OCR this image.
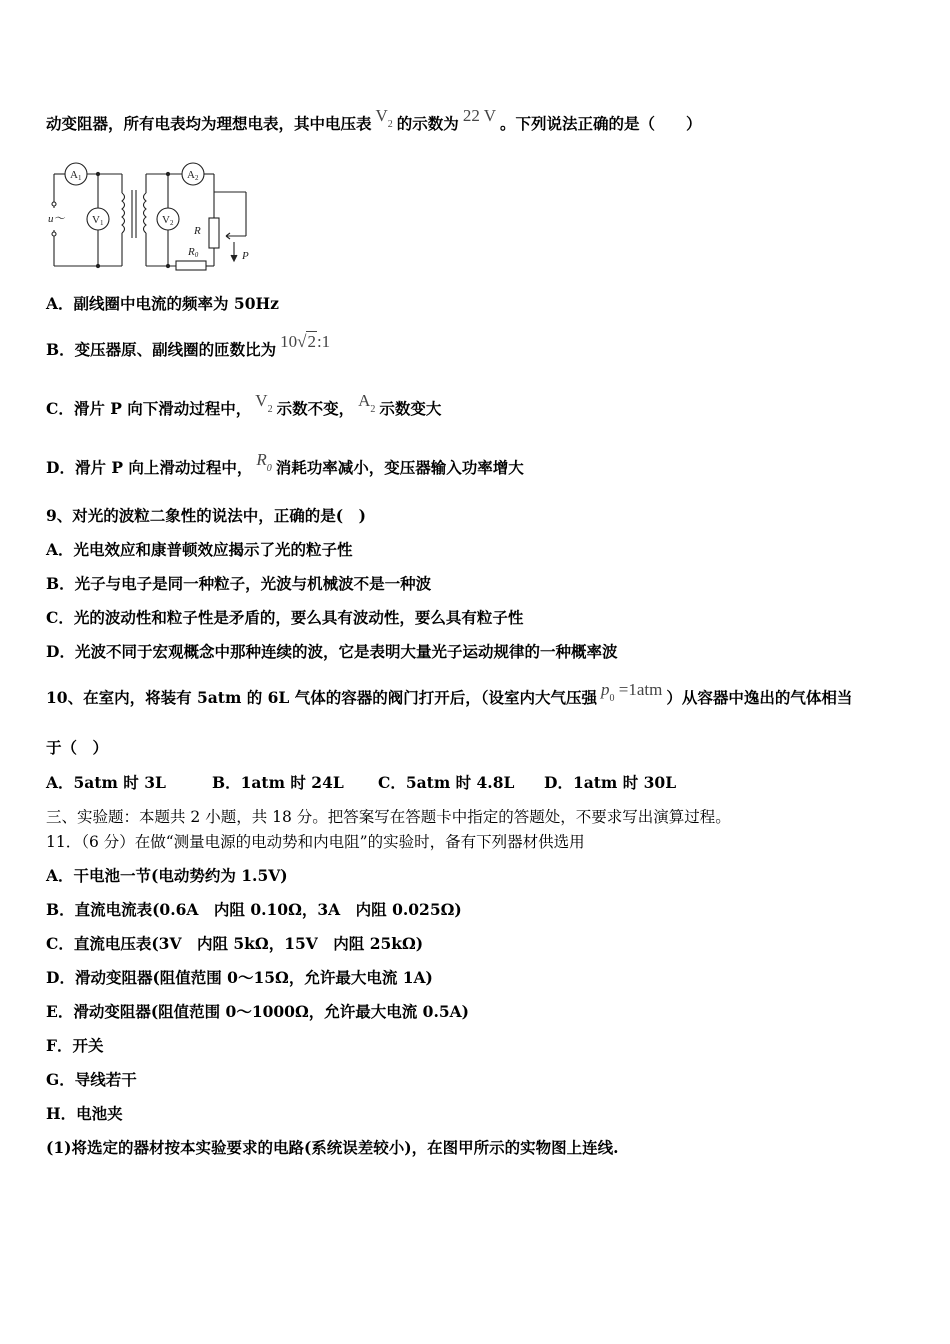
动变阻器，所有电表均为理想电表，其中电压表 $V_2$ 的示数为 22 V 。下列说法正确的是（　　）
A1
V1
u～
A2
R
R0
V2
P
A．副线圈中电流的频率为 50Hz
B．变压器原、副线圈的匝数比为 10√2:1
C．滑片 P 向下滑动过程中， $V_2$ 示数不变， $A_2$ 示数变大
D．滑片 P 向上滑动过程中， $R_0$ 消耗功率减小，变压器输入功率增大
9、对光的波粒二象性的说法中，正确的是(　)
A．光电效应和康普顿效应揭示了光的粒子性
B．光子与电子是同一种粒子，光波与机械波不是一种波
C．光的波动性和粒子性是矛盾的，要么具有波动性，要么具有粒子性
D．光波不同于宏观概念中那种连续的波，它是表明大量光子运动规律的一种概率波
10、在室内，将装有 5atm 的 6L 气体的容器的阀门打开后，（设室内大气压强 $p_0 =1atm$ ）从容器中逸出的气体相当
于（　）
A．5atm 时 3L	B．1atm 时 24L C．5atm 时 4.8L D．1atm 时 30L
三、实验题：本题共 2 小题，共 18 分。把答案写在答题卡中指定的答题处，不要求写出演算过程。
11．（6 分）在做“测量电源的电动势和内电阻”的实验时，备有下列器材供选用
A．干电池一节(电动势约为 1.5V)
B．直流电流表(0.6A　内阻 0.10Ω，3A　内阻 0.025Ω)
C．直流电压表(3V　内阻 5kΩ，15V　内阻 25kΩ)
D．滑动变阻器(阻值范围 0～15Ω，允许最大电流 1A)
E．滑动变阻器(阻值范围 0～1000Ω，允许最大电流 0.5A)
F．开关
G．导线若干
H．电池夹
(1)将选定的器材按本实验要求的电路(系统误差较小)，在图甲所示的实物图上连线.
